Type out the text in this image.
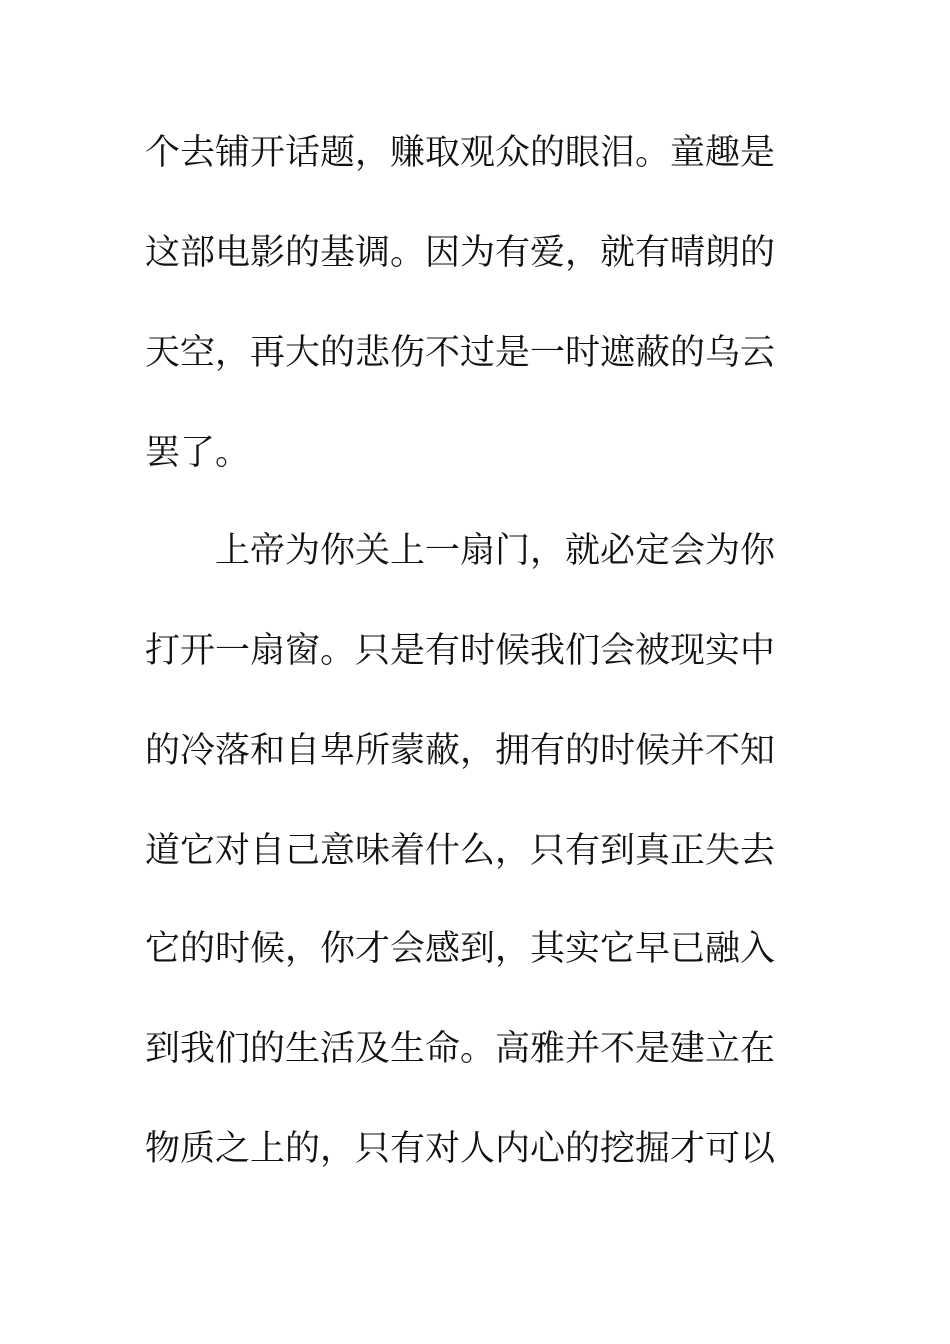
个去铺开话题，赚取观众的眼泪。童趣是
这部电影的基调。因为有爱，就有晴朗的
天空，再大的悲伤不过是一时遮蔽的乌云
罢了。
上帝为你关上一扇门，就必定会为你
打开一扇窗。只是有时候我们会被现实中
的冷落和自卑所蒙蔽，拥有的时候并不知
道它对自己意味着什么，只有到真正失去
它的时候，你才会感到，其实它早已融入
到我们的生活及生命。高雅并不是建立在
物质之上的，只有对人内心的挖掘才可以
